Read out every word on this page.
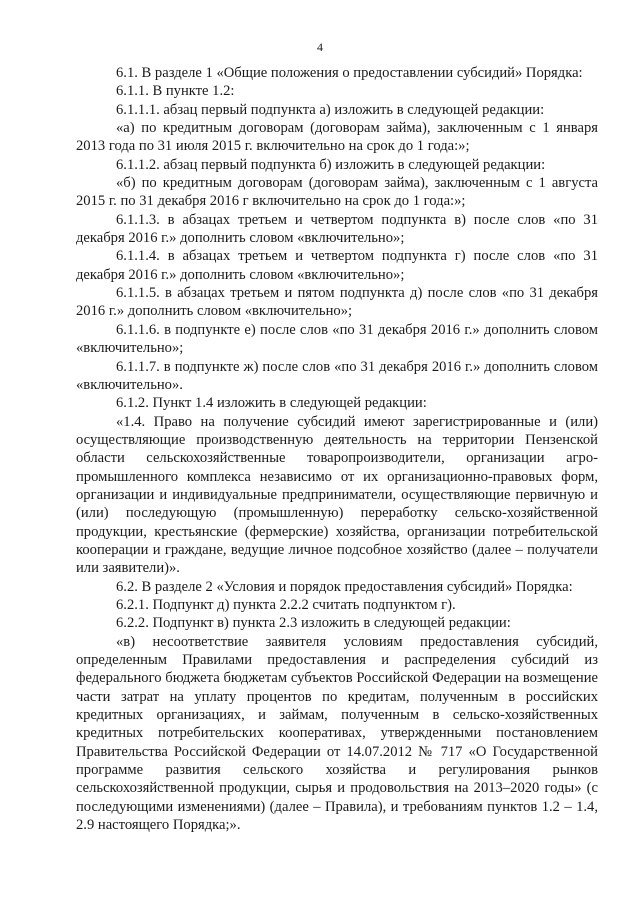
4

6.1. В разделе 1 «Общие положения о предоставлении субсидий» Порядка:

6.1.1. В пункте 1.2:

6.1.1.1. абзац первый подпункта а) изложить в следующей редакции:

«а) по кредитным договорам (договорам займа), заключенным с 1 января 2013 года по 31 июля 2015 г. включительно на срок до 1 года:»;

6.1.1.2. абзац первый подпункта б) изложить в следующей редакции:

«б) по кредитным договорам (договорам займа), заключенным с 1 августа 2015 г. по 31 декабря 2016 г включительно на срок до 1 года:»;

6.1.1.3. в абзацах третьем и четвертом подпункта в) после слов «по 31 декабря 2016 г.» дополнить словом «включительно»;

6.1.1.4. в абзацах третьем и четвертом подпункта г) после слов «по 31 декабря 2016 г.» дополнить словом «включительно»;

6.1.1.5. в абзацах третьем и пятом подпункта д) после слов «по 31 декабря 2016 г.» дополнить словом «включительно»;

6.1.1.6. в подпункте е) после слов «по 31 декабря 2016 г.» дополнить словом «включительно»;

6.1.1.7. в подпункте ж) после слов «по 31 декабря 2016 г.» дополнить словом «включительно».

6.1.2. Пункт 1.4 изложить в следующей редакции:

«1.4. Право на получение субсидий имеют зарегистрированные и (или) осуществляющие производственную деятельность на территории Пензенской области сельскохозяйственные товаропроизводители, организации агро-промышленного комплекса независимо от их организационно-правовых форм, организации и индивидуальные предприниматели, осуществляющие первичную и (или) последующую (промышленную) переработку сельско-хозяйственной продукции, крестьянские (фермерские) хозяйства, организации потребительской кооперации и граждане, ведущие личное подсобное хозяйство (далее – получатели или заявители)».

6.2. В разделе 2 «Условия и порядок предоставления субсидий» Порядка:

6.2.1. Подпункт д) пункта 2.2.2 считать подпунктом г).

6.2.2. Подпункт в) пункта 2.3 изложить в следующей редакции:

«в) несоответствие заявителя условиям предоставления субсидий, определенным Правилами предоставления и распределения субсидий из федерального бюджета бюджетам субъектов Российской Федерации на возмещение части затрат на уплату процентов по кредитам, полученным в российских кредитных организациях, и займам, полученным в сельско-хозяйственных кредитных потребительских кооперативах, утвержденными постановлением Правительства Российской Федерации от 14.07.2012 № 717 «О Государственной программе развития сельского хозяйства и регулирования рынков сельскохозяйственной продукции, сырья и продовольствия на 2013–2020 годы» (с последующими изменениями) (далее – Правила), и требованиям пунктов 1.2 – 1.4, 2.9 настоящего Порядка;».
